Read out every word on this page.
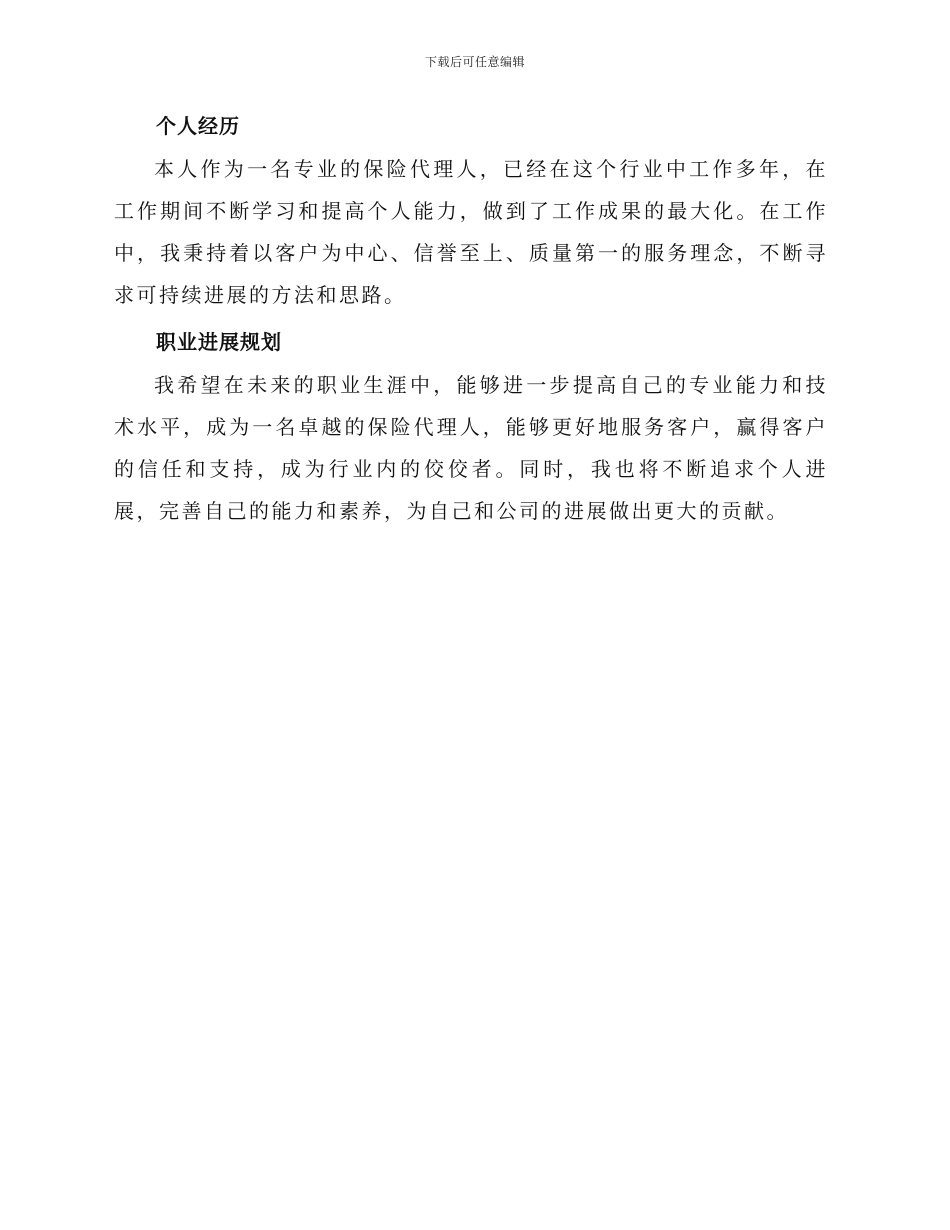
下载后可任意编辑
个人经历

本人作为一名专业的保险代理人，已经在这个行业中工作多年，在工作期间不断学习和提高个人能力，做到了工作成果的最大化。在工作中，我秉持着以客户为中心、信誉至上、质量第一的服务理念，不断寻求可持续进展的方法和思路。

职业进展规划

我希望在未来的职业生涯中，能够进一步提高自己的专业能力和技术水平，成为一名卓越的保险代理人，能够更好地服务客户，赢得客户的信任和支持，成为行业内的佼佼者。同时，我也将不断追求个人进展，完善自己的能力和素养，为自己和公司的进展做出更大的贡献。
